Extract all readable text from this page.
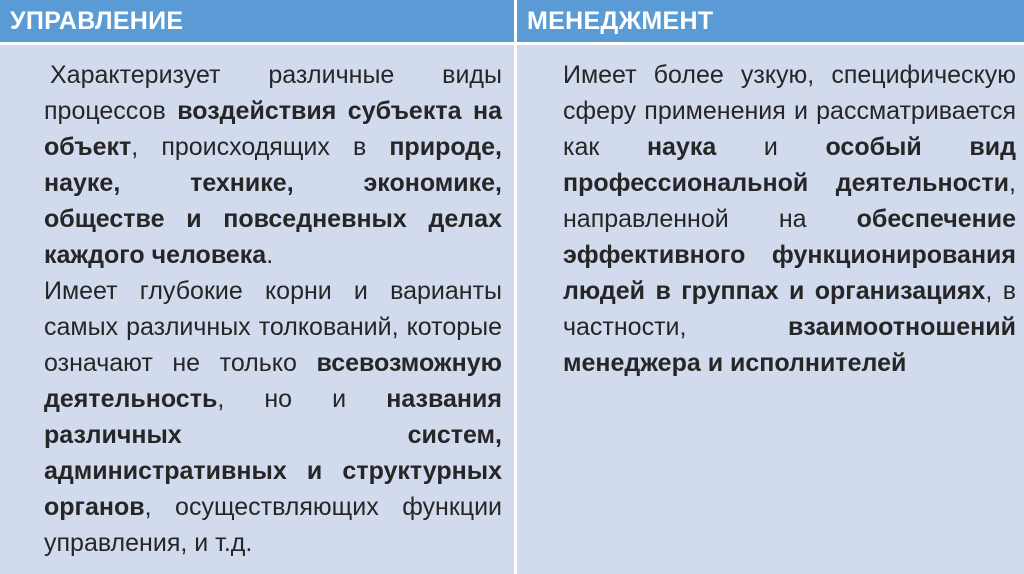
УПРАВЛЕНИЕ	МЕНЕДЖМЕНТ

Характеризует различные виды процессов воздействия субъекта на объект, происходящих в природе, науке, технике, экономике, обществе и повседневных делах каждого человека.

Имеет глубокие корни и варианты самых различных толкований, которые означают не только всевозможную деятельность, но и названия различных систем, административных и структурных органов, осуществляющих функции управления, и т.д.

Имеет более узкую, специфическую сферу применения и рассматривается как наука и особый вид профессиональной деятельности, направленной на обеспечение эффективного функционирования людей в группах и организациях, в частности, взаимоотношений менеджера и исполнителей
